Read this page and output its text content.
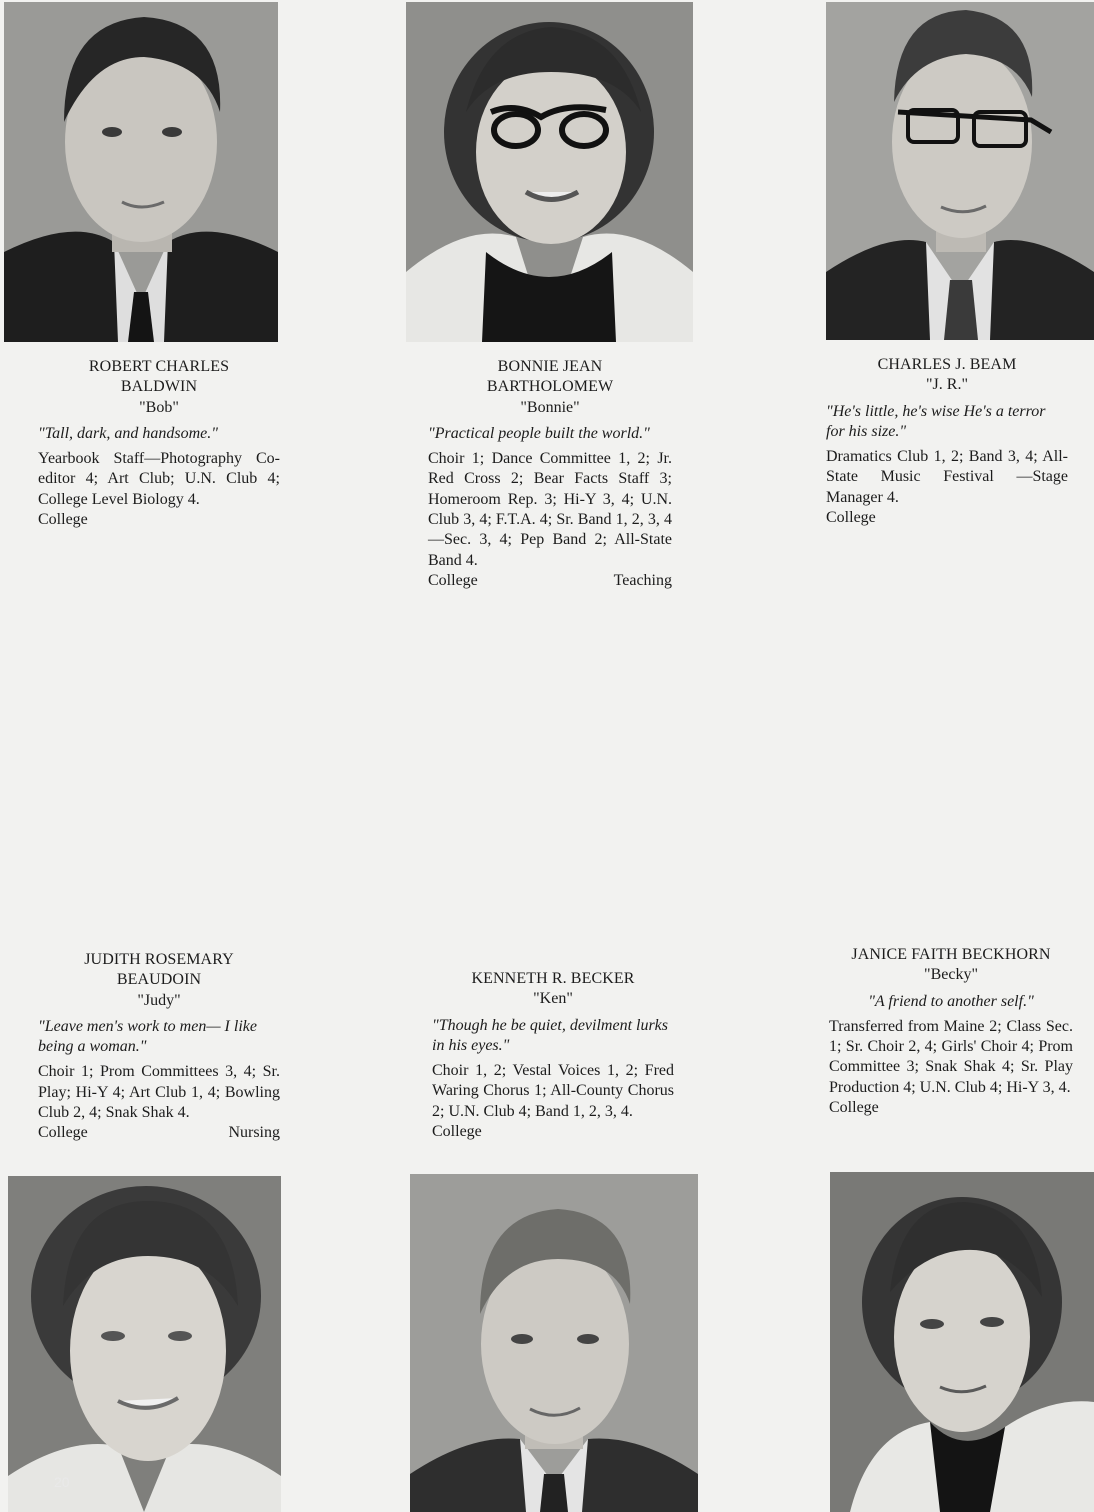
ROBERT CHARLES
BALDWIN
"Bob"
"Tall, dark, and handsome."
Yearbook Staff—Photography Co-editor 4; Art Club; U.N. Club 4; College Level Biology 4.
College
BONNIE JEAN
BARTHOLOMEW
"Bonnie"
"Practical people built the world."
Choir 1; Dance Committee 1, 2; Jr. Red Cross 2; Bear Facts Staff 3; Homeroom Rep. 3; Hi-Y 3, 4; U.N. Club 3, 4; F.T.A. 4; Sr. Band 1, 2, 3, 4—Sec. 3, 4; Pep Band 2; All-State Band 4.
College	Teaching
CHARLES J. BEAM
"J. R."
"He's little, he's wise He's a terror for his size."
Dramatics Club 1, 2; Band 3, 4; All-State Music Festival —Stage Manager 4.
College
JUDITH ROSEMARY
BEAUDOIN
"Judy"
"Leave men's work to men— I like being a woman."
Choir 1; Prom Committees 3, 4; Sr. Play; Hi-Y 4; Art Club 1, 4; Bowling Club 2, 4; Snak Shak 4.
College	Nursing
KENNETH R. BECKER
"Ken"
"Though he be quiet, devilment lurks in his eyes."
Choir 1, 2; Vestal Voices 1, 2; Fred Waring Chorus 1; All-County Chorus 2; U.N. Club 4; Band 1, 2, 3, 4.
College
JANICE FAITH BECKHORN
"Becky"
"A friend to another self."
Transferred from Maine 2; Class Sec. 1; Sr. Choir 2, 4; Girls' Choir 4; Prom Committee 3; Snak Shak 4; Sr. Play Production 4; U.N. Club 4; Hi-Y 3, 4.
College
20
